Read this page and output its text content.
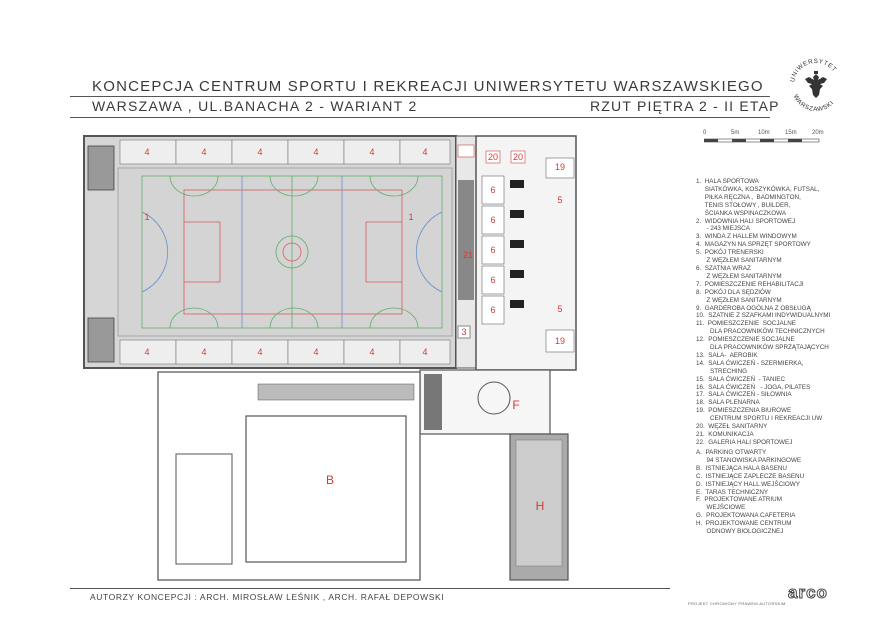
KONCEPCJA CENTRUM SPORTU I REKREACJI UNIWERSYTETU WARSZAWSKIEGO
WARSZAWA , UL.BANACHA 2 - WARIANT 2	RZUT PIĘTRA 2 - II ETAP
UNIWERSYTET
WARSZAWSKI
0	5m	10m	15m	20m
1	1
4	4	4	4	4	4
4	4	4	4	4	4
21
3
20 20
19
19
5
5
6
6
6
6
6
B
F
H
1.  HALA SPORTOWA
SIATKÓWKA, KOSZYKÓWKA, FUTSAL,
PIŁKA RĘCZNA ,  BADMINGTON,
TENIS STOŁOWY , BUILDER,
ŚCIANKA WSPINACZKOWA
2.  WIDOWNIA HALI SPORTOWEJ
- 243 MIEJSCA
3.  WINDA Z HALLEM WINDOWYM
4.  MAGAZYN NA SPRZĘT SPORTOWY
5.  POKÓJ TRENERSKI
Z WĘZŁEM SANITARNYM
6.  SZATNIA WRAZ
Z WĘZŁEM SANITARNYM
7.  POMIESZCZENIE REHABILITACJI
8.  POKÓJ DLA SĘDZIÓW
Z WĘZŁEM SANITARNYM
9.  GARDEROBA OGÓLNA Z OBSŁUGĄ
10.  SZATNIE Z SZAFKAMI INDYWIDUALNYMI
11.  POMIESZCZENIE  SOCJALNE
DLA PRACOWNIKÓW TECHNICZNYCH
12.  POMIESZCZENIE SOCJALNE
DLA PRACOWNIKÓW SPRZĄTAJĄCYCH
13.  SALA-  AEROBIK
14.  SALA ĆWICZEŃ - SZERMIERKA,
STRECHING
15.  SALA ĆWICZEŃ  - TANIEC
16.  SALA ĆWICZEŃ   - JOGA, PILATES
17.  SALA ĆWICZEŃ - SIŁOWNIA
18.  SALA PLENARNA
19.  POMIESZCZENIA BIUROWE
CENTRUM SPORTU I REKREACJI UW
20.  WĘZEŁ SANITARNY
21.  KOMUNIKACJA
22.  GALERIA HALI SPORTOWEJ
A.  PARKING OTWARTY
94 STANOWISKA PARKINGOWE
B.  ISTNIEJĄCA HALA BASENU
C.  ISTNIEJĄCE ZAPLECZE BASENU
D.  ISTNIEJĄCY HALL WEJŚCIOWY
E.  TARAS TECHNICZNY
F.  PROJEKTOWANE ATRIUM
WEJŚCIOWE
G.  PROJEKTOWANA CAFETERIA
H.  PROJEKTOWANE CENTRUM
ODNOWY BIOLOGICZNEJ
AUTORZY KONCEPCJI : ARCH. MIROSŁAW LEŚNIK , ARCH. RAFAŁ DEPOWSKI
PROJEKT CHRONIONY PRAWEM AUTORSKIM
arco
